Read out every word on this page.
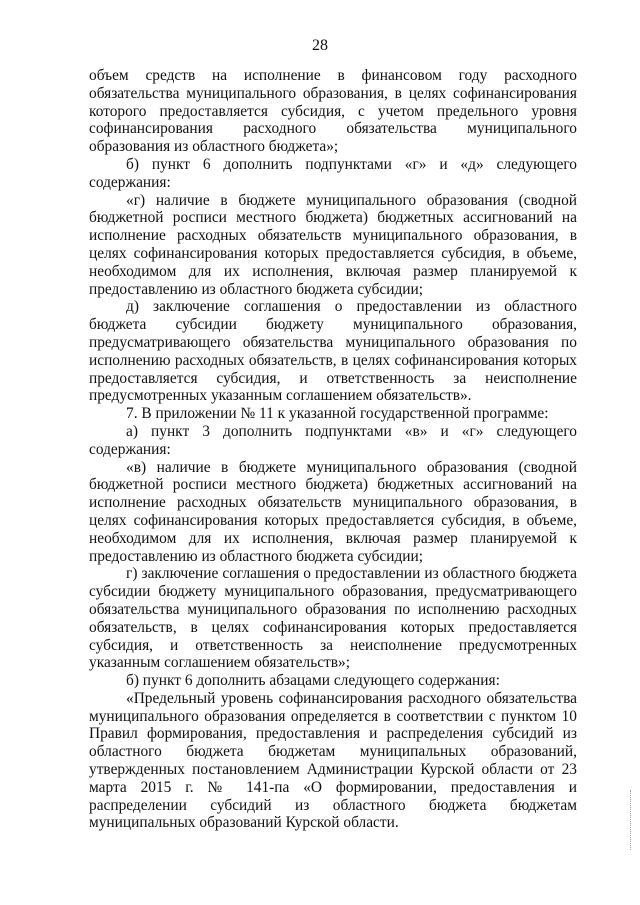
28

объем средств на исполнение в финансовом году расходного обязательства муниципального образования, в целях софинансирования которого предоставляется субсидия, с учетом предельного уровня софинансирования расходного обязательства муниципального образования из областного бюджета»;

б) пункт 6 дополнить подпунктами «г» и «д» следующего содержания:

«г) наличие в бюджете муниципального образования (сводной бюджетной росписи местного бюджета) бюджетных ассигнований на исполнение расходных обязательств муниципального образования, в целях софинансирования которых предоставляется субсидия, в объеме, необходимом для их исполнения, включая размер планируемой к предоставлению из областного бюджета субсидии;

д) заключение соглашения о предоставлении из областного бюджета субсидии бюджету муниципального образования, предусматривающего обязательства муниципального образования по исполнению расходных обязательств, в целях софинансирования которых предоставляется субсидия, и ответственность за неисполнение предусмотренных указанным соглашением обязательств».

7. В приложении № 11 к указанной государственной программе:

а) пункт 3 дополнить подпунктами «в» и «г» следующего содержания:

«в) наличие в бюджете муниципального образования (сводной бюджетной росписи местного бюджета) бюджетных ассигнований на исполнение расходных обязательств муниципального образования, в целях софинансирования которых предоставляется субсидия, в объеме, необходимом для их исполнения, включая размер планируемой к предоставлению из областного бюджета субсидии;

г) заключение соглашения о предоставлении из областного бюджета субсидии бюджету муниципального образования, предусматривающего обязательства муниципального образования по исполнению расходных обязательств, в целях софинансирования которых предоставляется субсидия, и ответственность за неисполнение предусмотренных указанным соглашением обязательств»;

б) пункт 6 дополнить абзацами следующего содержания:

«Предельный уровень софинансирования расходного обязательства муниципального образования определяется в соответствии с пунктом 10 Правил формирования, предоставления и распределения субсидий из областного бюджета бюджетам муниципальных образований, утвержденных постановлением Администрации Курской области от 23 марта 2015 г. № 141-па «О формировании, предоставления и распределении субсидий из областного бюджета бюджетам муниципальных образований Курской области.
